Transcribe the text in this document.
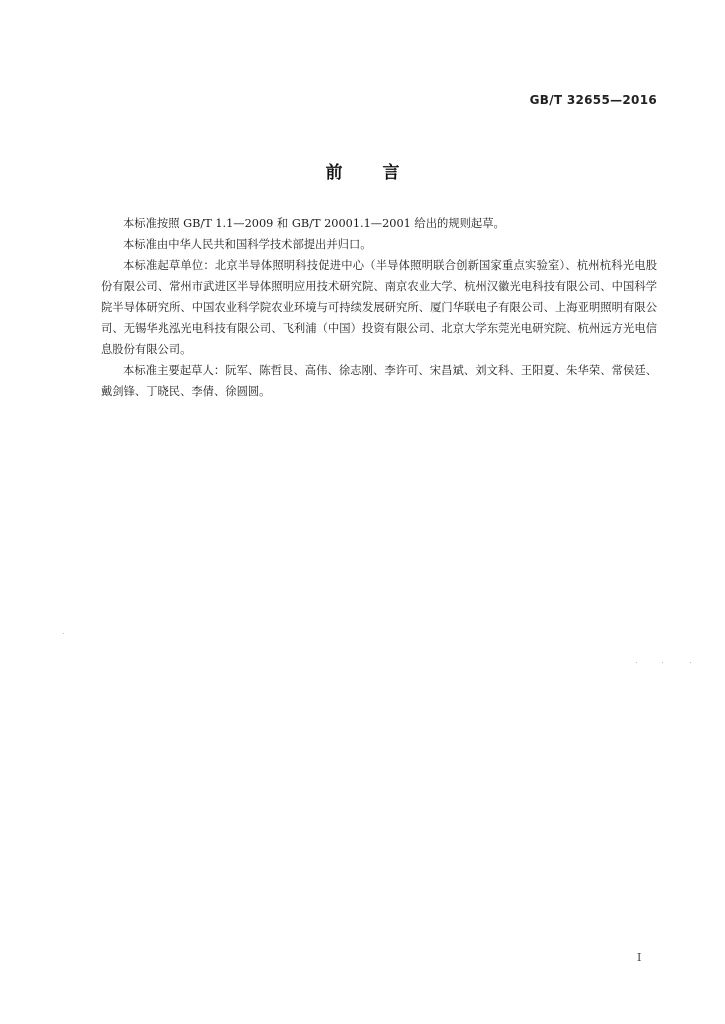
GB/T 32655—2016
前 言

本标准按照 GB/T 1.1—2009 和 GB/T 20001.1—2001 给出的规则起草。

本标准由中华人民共和国科学技术部提出并归口。

本标准起草单位：北京半导体照明科技促进中心（半导体照明联合创新国家重点实验室）、杭州杭科光电股份有限公司、常州市武进区半导体照明应用技术研究院、南京农业大学、杭州汉徽光电科技有限公司、中国科学院半导体研究所、中国农业科学院农业环境与可持续发展研究所、厦门华联电子有限公司、上海亚明照明有限公司、无锡华兆泓光电科技有限公司、飞利浦（中国）投资有限公司、北京大学东莞光电研究院、杭州远方光电信息股份有限公司。

本标准主要起草人：阮军、陈哲艮、高伟、徐志刚、李许可、宋昌斌、刘文科、王阳夏、朱华荣、常侯廷、戴剑锋、丁晓民、李倩、徐圆圆。

I
